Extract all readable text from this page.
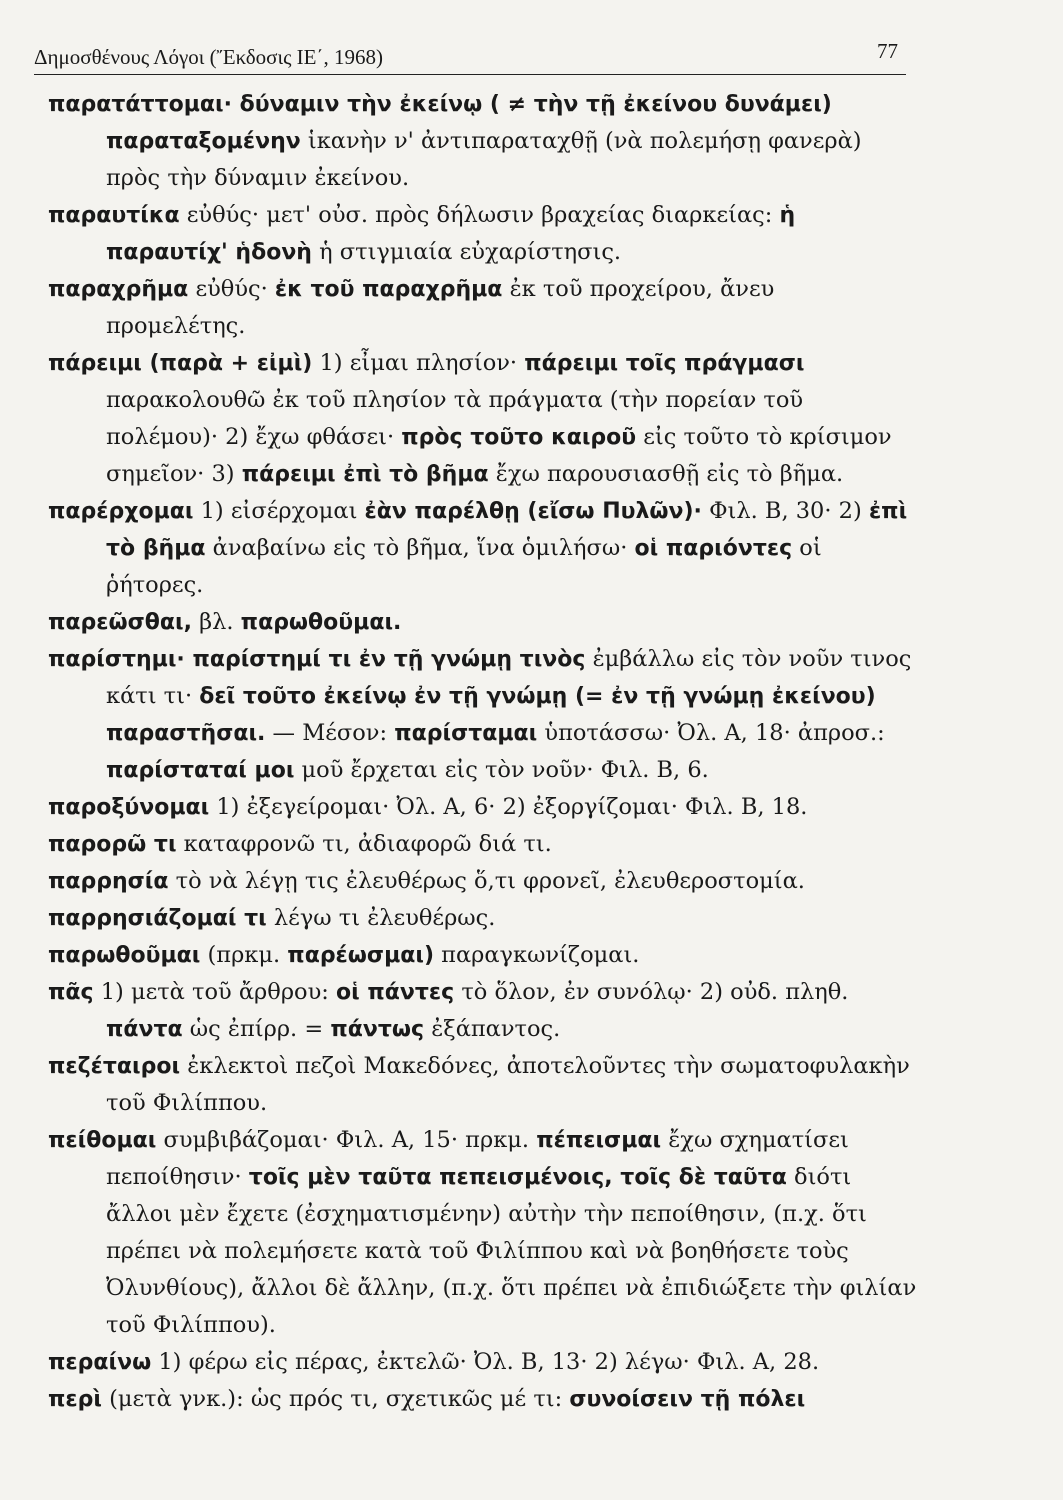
Δημοσθένους Λόγοι (Ἔκδοσις ΙΕ΄, 1968)	77

παρατάττομαι· δύναμιν τὴν ἐκείνῳ ( ≠ τὴν τῇ ἐκείνου δυνάμει) παραταξομένην ἱκανὴν ν' ἀντιπαραταχθῇ (νὰ πολεμήσῃ φανερὰ) πρὸς τὴν δύναμιν ἐκείνου.

παραυτίκα εὐθύς· μετ' οὐσ. πρὸς δήλωσιν βραχείας διαρκείας: ἡ παραυτίχ' ἡδονὴ ἡ στιγμιαία εὐχαρίστησις.

παραχρῆμα εὐθύς· ἐκ τοῦ παραχρῆμα ἐκ τοῦ προχείρου, ἄνευ προμελέτης.

πάρειμι (παρὰ + εἰμὶ) 1) εἶμαι πλησίον· πάρειμι τοῖς πράγμασι παρακολουθῶ ἐκ τοῦ πλησίον τὰ πράγματα (τὴν πορείαν τοῦ πολέμου)· 2) ἔχω φθάσει· πρὸς τοῦτο καιροῦ εἰς τοῦτο τὸ κρίσιμον σημεῖον· 3) πάρειμι ἐπὶ τὸ βῆμα ἔχω παρουσιασθῇ εἰς τὸ βῆμα.

παρέρχομαι 1) εἰσέρχομαι ἐὰν παρέλθῃ (εἴσω Πυλῶν)· Φιλ. Β, 30· 2) ἐπὶ τὸ βῆμα ἀναβαίνω εἰς τὸ βῆμα, ἵνα ὁμιλήσω· οἱ παριόντες οἱ ῥήτορες.

παρεῶσθαι, βλ. παρωθοῦμαι.

παρίστημι· παρίστημί τι ἐν τῇ γνώμῃ τινὸς ἐμβάλλω εἰς τὸν νοῦν τινος κάτι τι· δεῖ τοῦτο ἐκείνῳ ἐν τῇ γνώμῃ (= ἐν τῇ γνώμῃ ἐκείνου) παραστῆσαι. — Μέσον: παρίσταμαι ὑποτάσσω· Ὀλ. Α, 18· ἀπροσ.: παρίσταταί μοι μοῦ ἔρχεται εἰς τὸν νοῦν· Φιλ. Β, 6.

παροξύνομαι 1) ἐξεγείρομαι· Ὀλ. Α, 6· 2) ἐξοργίζομαι· Φιλ. Β, 18.

παρορῶ τι καταφρονῶ τι, ἀδιαφορῶ διά τι.

παρρησία τὸ νὰ λέγῃ τις ἐλευθέρως ὅ,τι φρονεῖ, ἐλευθεροστομία.

παρρησιάζομαί τι λέγω τι ἐλευθέρως.

παρωθοῦμαι (πρκμ. παρέωσμαι) παραγκωνίζομαι.

πᾶς 1) μετὰ τοῦ ἄρθρου: οἱ πάντες τὸ ὅλον, ἐν συνόλῳ· 2) οὐδ. πληθ. πάντα ὡς ἐπίρρ. = πάντως ἐξάπαντος.

πεζέταιροι ἐκλεκτοὶ πεζοὶ Μακεδόνες, ἀποτελοῦντες τὴν σωματοφυλακὴν τοῦ Φιλίππου.

πείθομαι συμβιβάζομαι· Φιλ. Α, 15· πρκμ. πέπεισμαι ἔχω σχηματίσει πεποίθησιν· τοῖς μὲν ταῦτα πεπεισμένοις, τοῖς δὲ ταῦτα διότι ἄλλοι μὲν ἔχετε (ἐσχηματισμένην) αὐτὴν τὴν πεποίθησιν, (π.χ. ὅτι πρέπει νὰ πολεμήσετε κατὰ τοῦ Φιλίππου καὶ νὰ βοηθήσετε τοὺς Ὀλυνθίους), ἄλλοι δὲ ἄλλην, (π.χ. ὅτι πρέπει νὰ ἐπιδιώξετε τὴν φιλίαν τοῦ Φιλίππου).

περαίνω 1) φέρω εἰς πέρας, ἐκτελῶ· Ὀλ. Β, 13· 2) λέγω· Φιλ. Α, 28.

περὶ (μετὰ γνκ.): ὡς πρός τι, σχετικῶς μέ τι: συνοίσειν τῇ πόλει
